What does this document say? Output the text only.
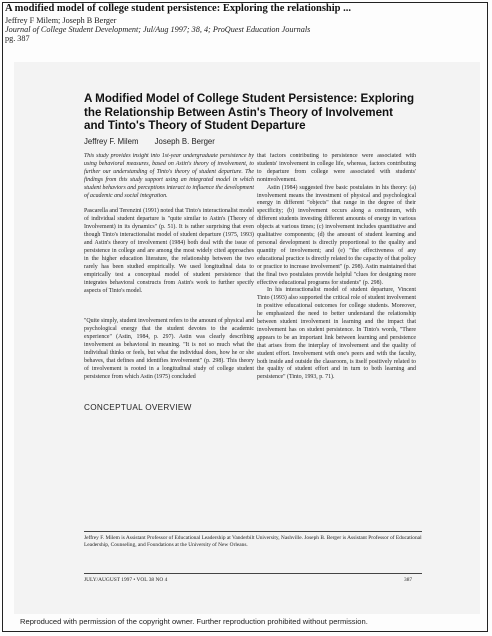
A modified model of college student persistence: Exploring the relationship ...
Jeffrey F Milem; Joseph B Berger
Journal of College Student Development; Jul/Aug 1997; 38, 4; ProQuest Education Journals
pg. 387
A Modified Model of College Student Persistence: Exploring
the Relationship Between Astin's Theory of Involvement
and Tinto's Theory of Student Departure
Jeffrey F. Milem Joseph B. Berger

This study provides insight into 1st-year undergraduate persistence by using behavioral measures, based on Astin's theory of involvement, to further our understanding of Tinto's theory of student departure. The findings from this study support using an integrated model in which student behaviors and perceptions interact to influence the development of academic and social integration.

Pascarella and Terenzini (1991) noted that Tinto's interactionalist model of individual student departure is "quite similar to Astin's (Theory of Involvement) in its dynamics" (p. 51). It is rather surprising that even though Tinto's interactionalist model of student departure (1975, 1993) and Astin's theory of involvement (1984) both deal with the issue of persistence in college and are among the most widely cited approaches in the higher education literature, the relationship between the two rarely has been studied empirically. We used longitudinal data to empirically test a conceptual model of student persistence that integrates behavioral constructs from Astin's work to further specify aspects of Tinto's model.

"Quite simply, student involvement refers to the amount of physical and psychological energy that the student devotes to the academic experience" (Astin, 1984, p. 297). Astin was clearly describing involvement as behavioral in meaning. "It is not so much what the individual thinks or feels, but what the individual does, how he or she behaves, that defines and identifies involvement" (p. 298). This theory of involvement is rooted in a longitudinal study of college student persistence from which Astin (1975) concluded

CONCEPTUAL OVERVIEW

that factors contributing to persistence were associated with students' involvement in college life, whereas, factors contributing to departure from college were associated with students' noninvolvement.

Astin (1984) suggested five basic postulates in his theory: (a) involvement means the investment of physical and psychological energy in different "objects" that range in the degree of their specificity; (b) involvement occurs along a continuum, with different students investing different amounts of energy in various objects at various times; (c) involvement includes quantitative and qualitative components; (d) the amount of student learning and personal development is directly proportional to the quality and quantity of involvement; and (e) "the effectiveness of any educational practice is directly related to the capacity of that policy or practice to increase involvement" (p. 298). Astin maintained that the final two postulates provide helpful "clues for designing more effective educational programs for students" (p. 298).

In his interactionalist model of student departure, Vincent Tinto (1993) also supported the critical role of student involvement in positive educational outcomes for college students. Moreover, he emphasized the need to better understand the relationship between student involvement in learning and the impact that involvement has on student persistence. In Tinto's words, "There appears to be an important link between learning and persistence that arises from the interplay of involvement and the quality of student effort. Involvement with one's peers and with the faculty, both inside and outside the classroom, is itself positively related to the quality of student effort and in turn to both learning and persistence" (Tinto, 1993, p. 71).

Jeffrey F. Milem is Assistant Professor of Educational Leadership at Vanderbilt University, Nashville. Joseph B. Berger is Assistant Professor of Educational Leadership, Counseling, and Foundations at the University of New Orleans.
JULY/AUGUST 1997 • VOL 38 NO 4	387
Reproduced with permission of the copyright owner. Further reproduction prohibited without permission.
